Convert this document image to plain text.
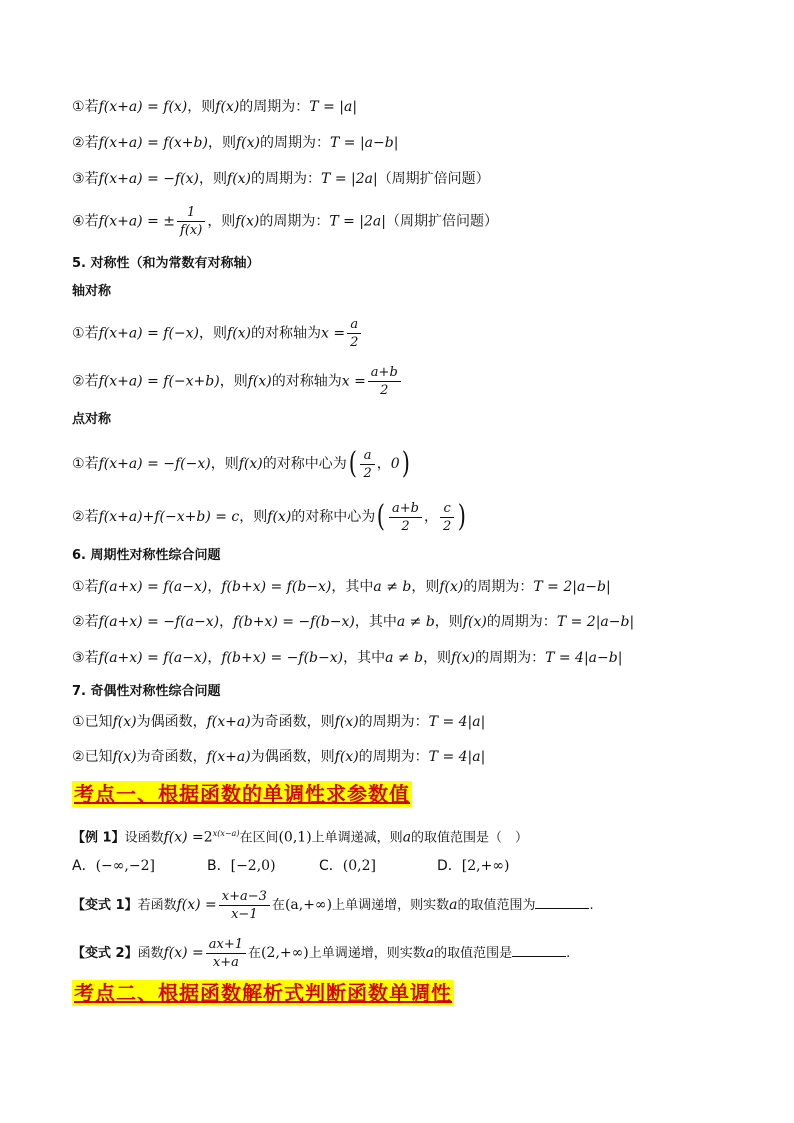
①若f(x+a) = f(x)，则f(x)的周期为：T = |a|
②若f(x+a) = f(x+b)，则f(x)的周期为：T = |a−b|
③若f(x+a) = −f(x)，则f(x)的周期为：T = |2a|（周期扩倍问题）
④若f(x+a) = ± $\frac{1}{f(x)}$ ，则f(x)的周期为：T = |2a|（周期扩倍问题）
5. 对称性（和为常数有对称轴）
轴对称
①若f(x+a) = f(−x)，则f(x)的对称轴为$x = \frac{a}{2}$
②若f(x+a) = f(−x+b)，则f(x)的对称轴为$x = \frac{a+b}{2}$
点对称
①若f(x+a) = −f(−x)，则f(x)的对称中心为( $\frac{a}{2}$ ，0)
②若f(x+a)+f(−x+b) = c，则f(x)的对称中心为( $\frac{a+b}{2}$ ， $\frac{c}{2}$ )
6. 周期性对称性综合问题
①若f(a+x) = f(a−x)，f(b+x) = f(b−x)，其中a ≠ b，则f(x)的周期为：T = 2|a−b|
②若f(a+x) = −f(a−x)，f(b+x) = −f(b−x)，其中a ≠ b，则f(x)的周期为：T = 2|a−b|
③若f(a+x) = f(a−x)，f(b+x) = −f(b−x)，其中a ≠ b，则f(x)的周期为：T = 4|a−b|
7. 奇偶性对称性综合问题
①已知f(x)为偶函数，f(x+a)为奇函数，则f(x)的周期为：T = 4|a|
②已知f(x)为奇函数，f(x+a)为偶函数，则f(x)的周期为：T = 4|a|
考点一、根据函数的单调性求参数值
【例 1】设函数$f(x) =2^{x(x-a)}$在区间(0,1)上单调递减，则a的取值范围是（　）
A．(−∞,−2]	B．[−2,0)	C．(0,2]	D．[2,+∞)
【变式 1】若函数$f(x) = \frac{x+a-3}{x-1}$ 在(a,+∞)上单调递增，则实数a的取值范围为	.
【变式 2】函数$f(x) = \frac{ax+1}{x+a}$ 在(2,+∞)上单调递增，则实数a的取值范围是	.
考点二、根据函数解析式判断函数单调性
